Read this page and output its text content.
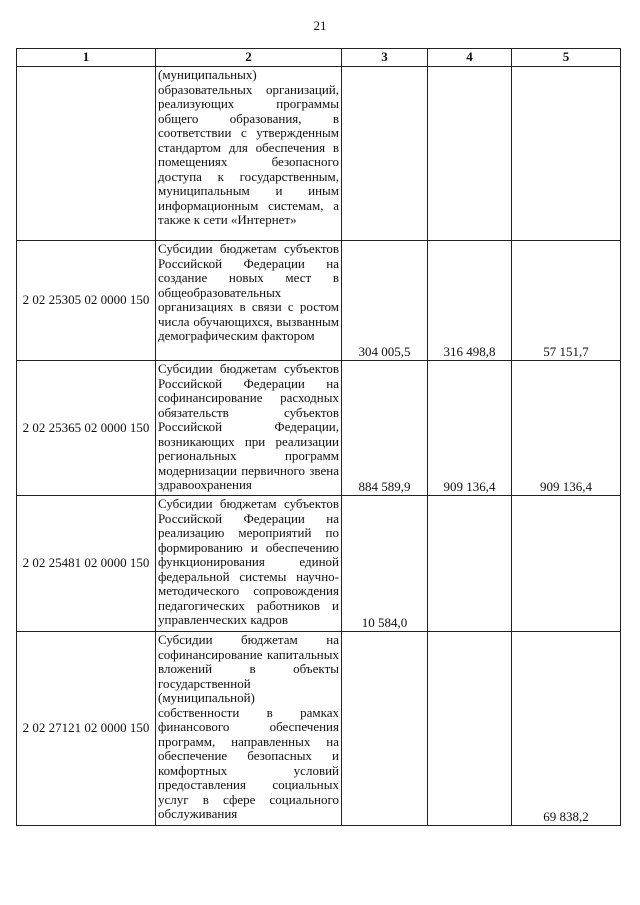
21
1	2	3	4	5
	(муниципальных) образовательных организаций, реализующих программы общего образования, в соответствии с утвержденным стандартом для обеспечения в помещениях безопасного доступа к государственным, муниципальным и иным информационным системам, а также к сети «Интернет»			
2 02 25305 02 0000 150	Субсидии бюджетам субъектов Российской Федерации на создание новых мест в общеобразовательных организациях в связи с ростом числа обучающихся, вызванным демографическим фактором	304 005,5	316 498,8	57 151,7
2 02 25365 02 0000 150	Субсидии бюджетам субъектов Российской Федерации на софинансирование расходных обязательств субъектов Российской Федерации, возникающих при реализации региональных программ модернизации первичного звена здравоохранения	884 589,9	909 136,4	909 136,4
2 02 25481 02 0000 150	Субсидии бюджетам субъектов Российской Федерации на реализацию мероприятий по формированию и обеспечению функционирования единой федеральной системы научно-методического сопровождения педагогических работников и управленческих кадров	10 584,0		
2 02 27121 02 0000 150	Субсидии бюджетам на софинансирование капитальных вложений в объекты государственной (муниципальной) собственности в рамках финансового обеспечения программ, направленных на обеспечение безопасных и комфортных условий предоставления социальных услуг в сфере социального обслуживания			69 838,2
